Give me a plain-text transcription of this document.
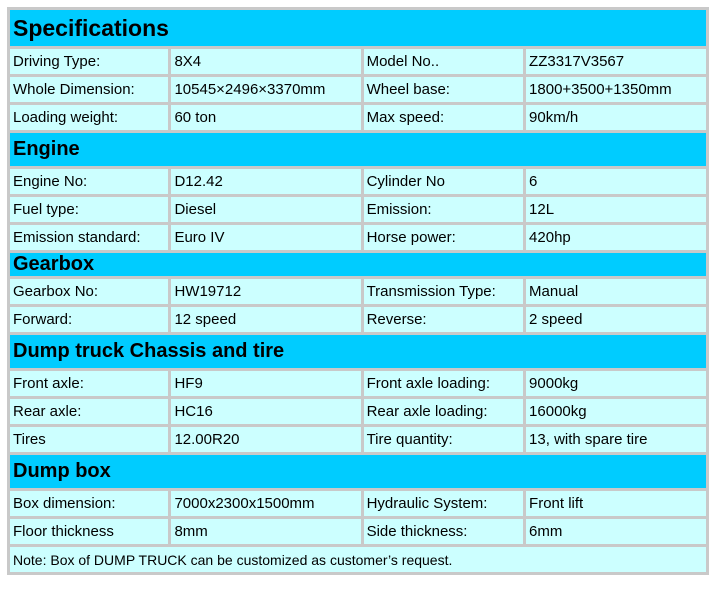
Specifications			
Driving Type:	8X4	Model No..	ZZ3317V3567
Whole Dimension:	10545×2496×3370mm	Wheel base:	1800+3500+1350mm
Loading weight:	60 ton	Max speed:	90km/h
Engine			
Engine No:	D12.42	Cylinder No	6
Fuel type:	Diesel	Emission:	12L
Emission standard:	Euro IV	Horse power:	420hp
Gearbox			
Gearbox No:	HW19712	Transmission Type:	Manual
Forward:	12 speed	Reverse:	2 speed
Dump truck Chassis and tire			
Front axle:	HF9	Front axle loading:	9000kg
Rear axle:	HC16	Rear axle loading:	16000kg
Tires	12.00R20	Tire quantity:	13, with spare tire
Dump box			
Box dimension:	7000x2300x1500mm	Hydraulic System:	Front lift
Floor thickness	8mm	Side thickness:	6mm
Note: Box of DUMP TRUCK can be customized as customer’s request.			
